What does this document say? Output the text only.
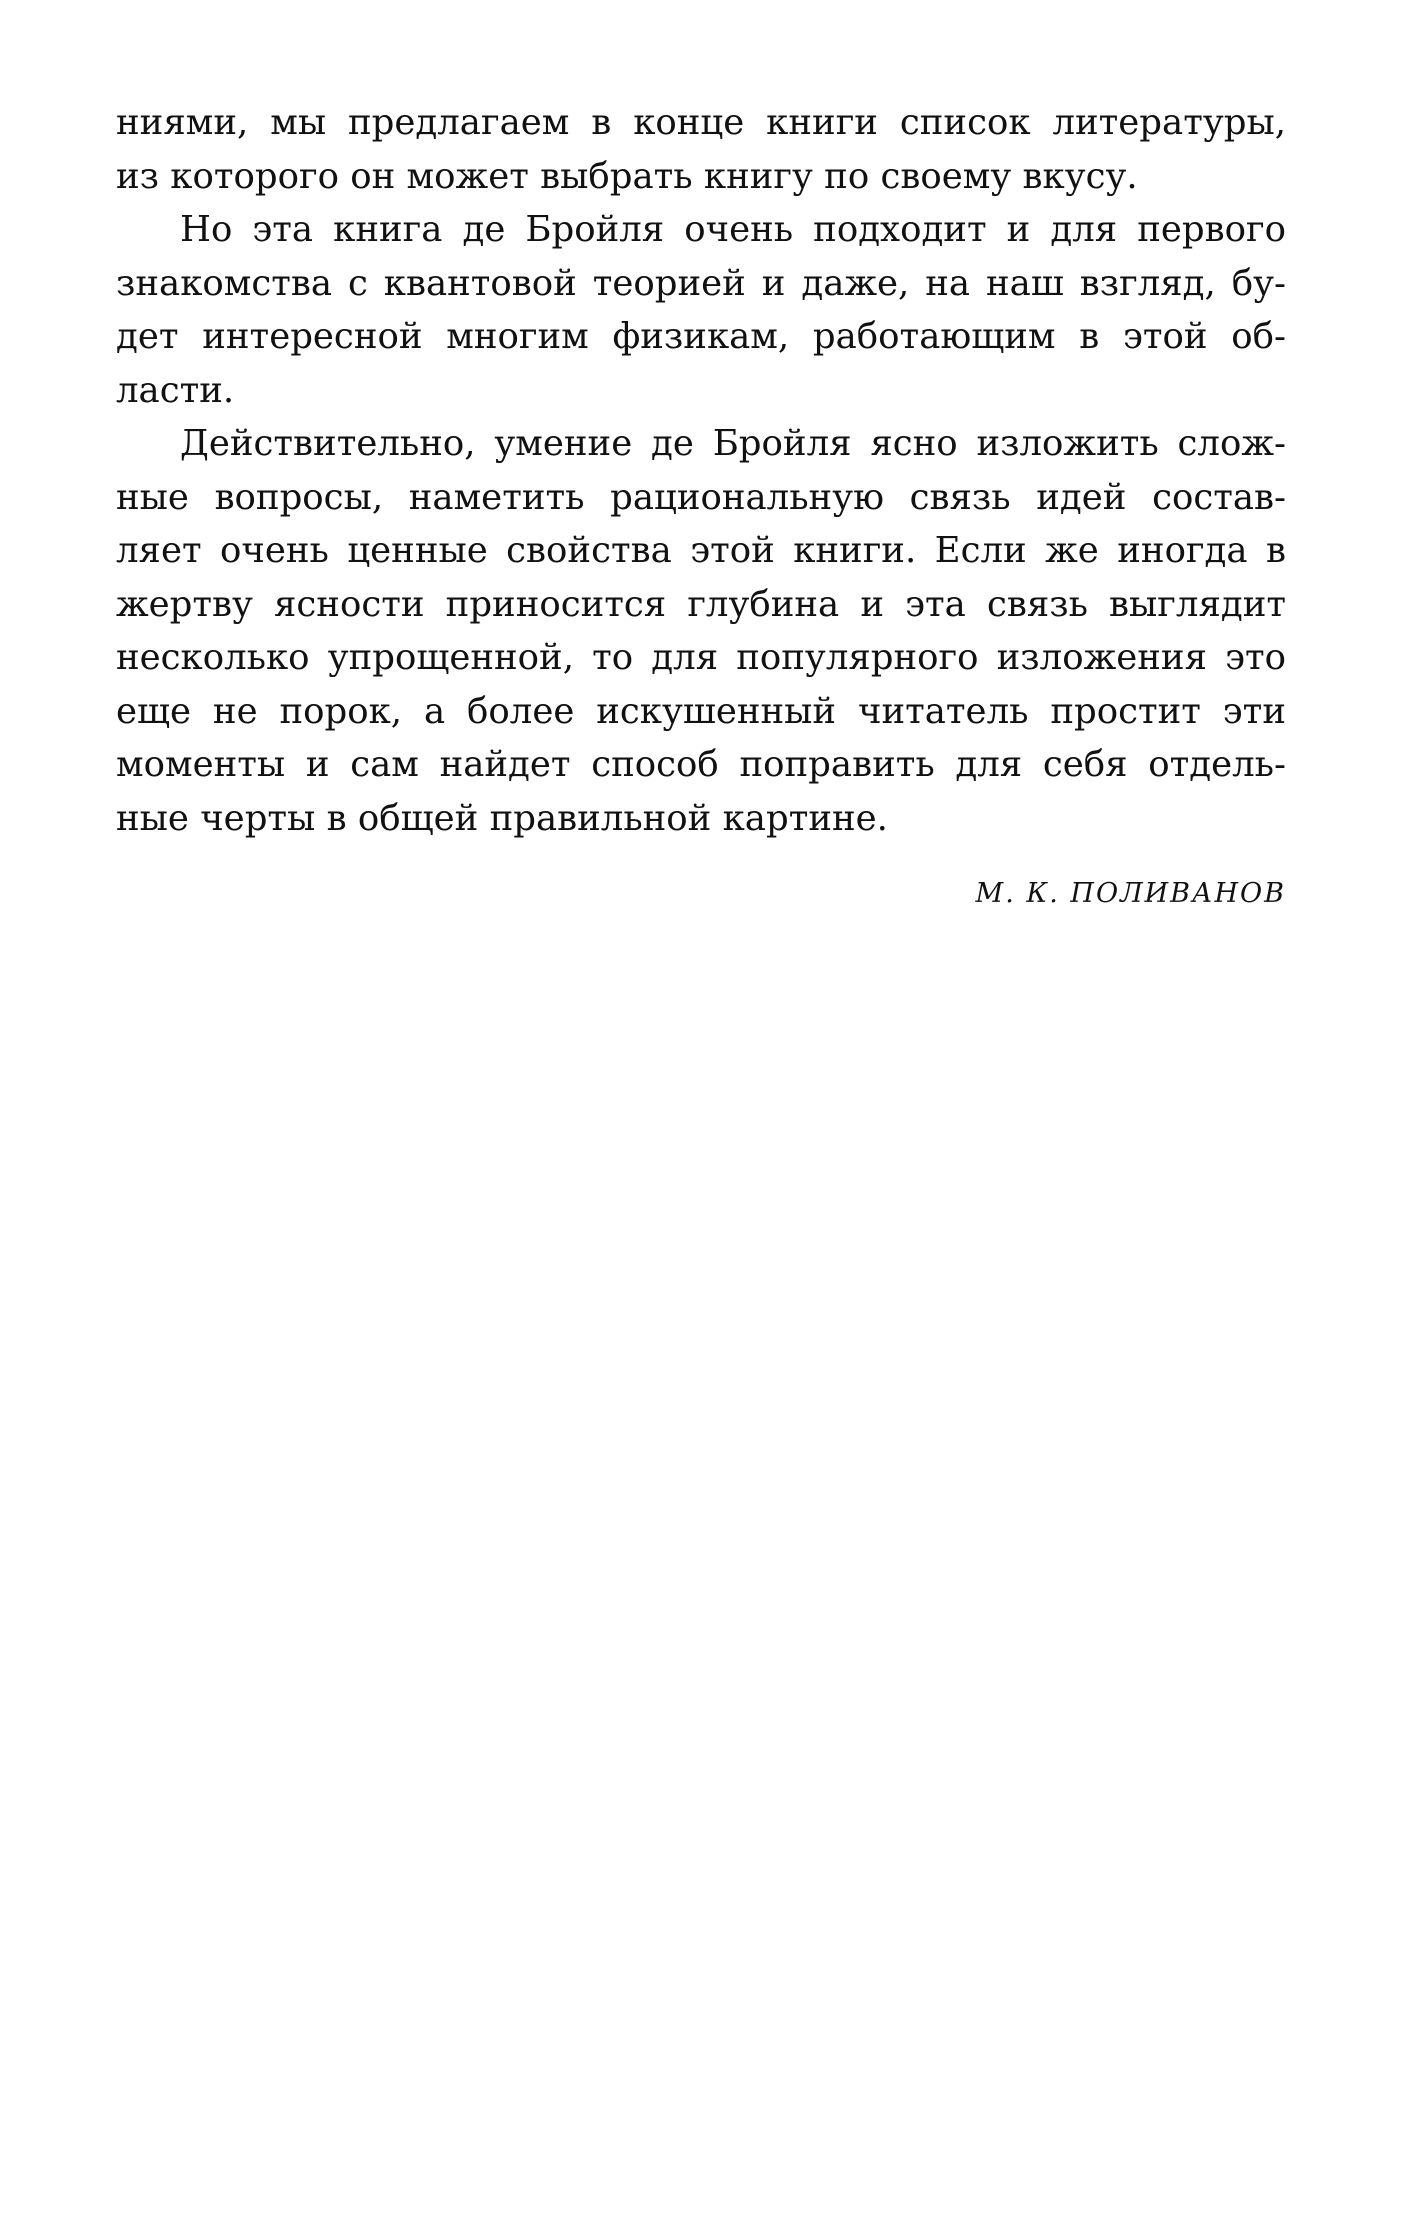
ниями, мы предлагаем в конце книги список литературы,
из которого он может выбрать книгу по своему вкусу.
Но эта книга де Бройля очень подходит и для первого
знакомства с квантовой теорией и даже, на наш взгляд, бу-
дет интересной многим физикам, работающим в этой об-
ласти.
Действительно, умение де Бройля ясно изложить слож-
ные вопросы, наметить рациональную связь идей состав-
ляет очень ценные свойства этой книги. Если же иногда в
жертву ясности приносится глубина и эта связь выглядит
несколько упрощенной, то для популярного изложения это
еще не порок, а более искушенный читатель простит эти
моменты и сам найдет способ поправить для себя отдель-
ные черты в общей правильной картине.
М. К. ПОЛИВАНОВ
